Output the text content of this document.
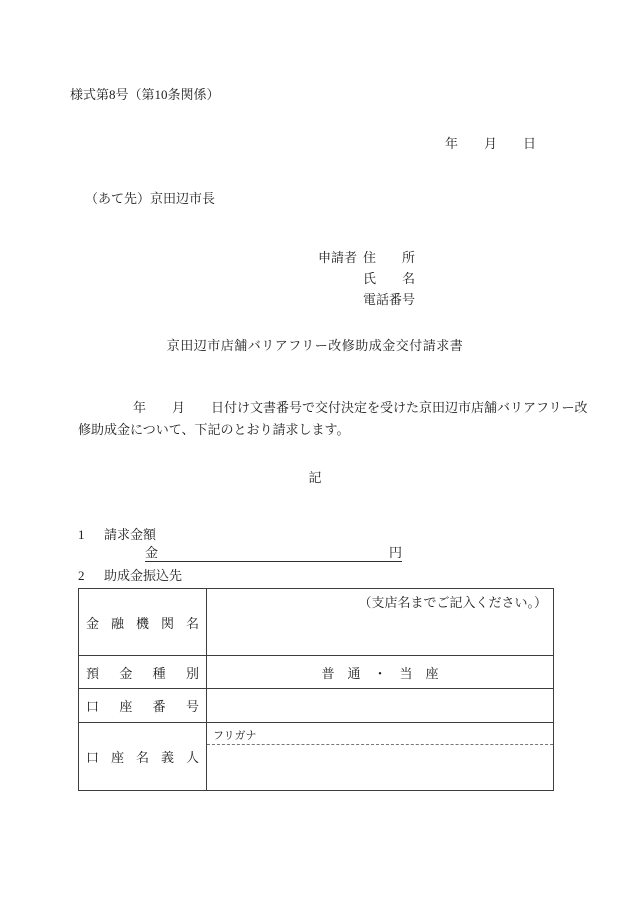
様式第8号（第10条関係）
年　　月　　日
（あて先）京田辺市長
申請者 住　　所
氏　　名
電話番号
京田辺市店舗バリアフリー改修助成金交付請求書
年　　月　　日付け文書番号で交付決定を受けた京田辺市店舗バリアフリー改
修助成金について、下記のとおり請求します。
記
1 請求金額
金	円
2 助成金振込先
金 融 機 関 名	（支店名までご記入ください。）

預 金 種 別	普　通　・　当　座

口 座 番 号	

口 座 名 義 人	フリガナ
